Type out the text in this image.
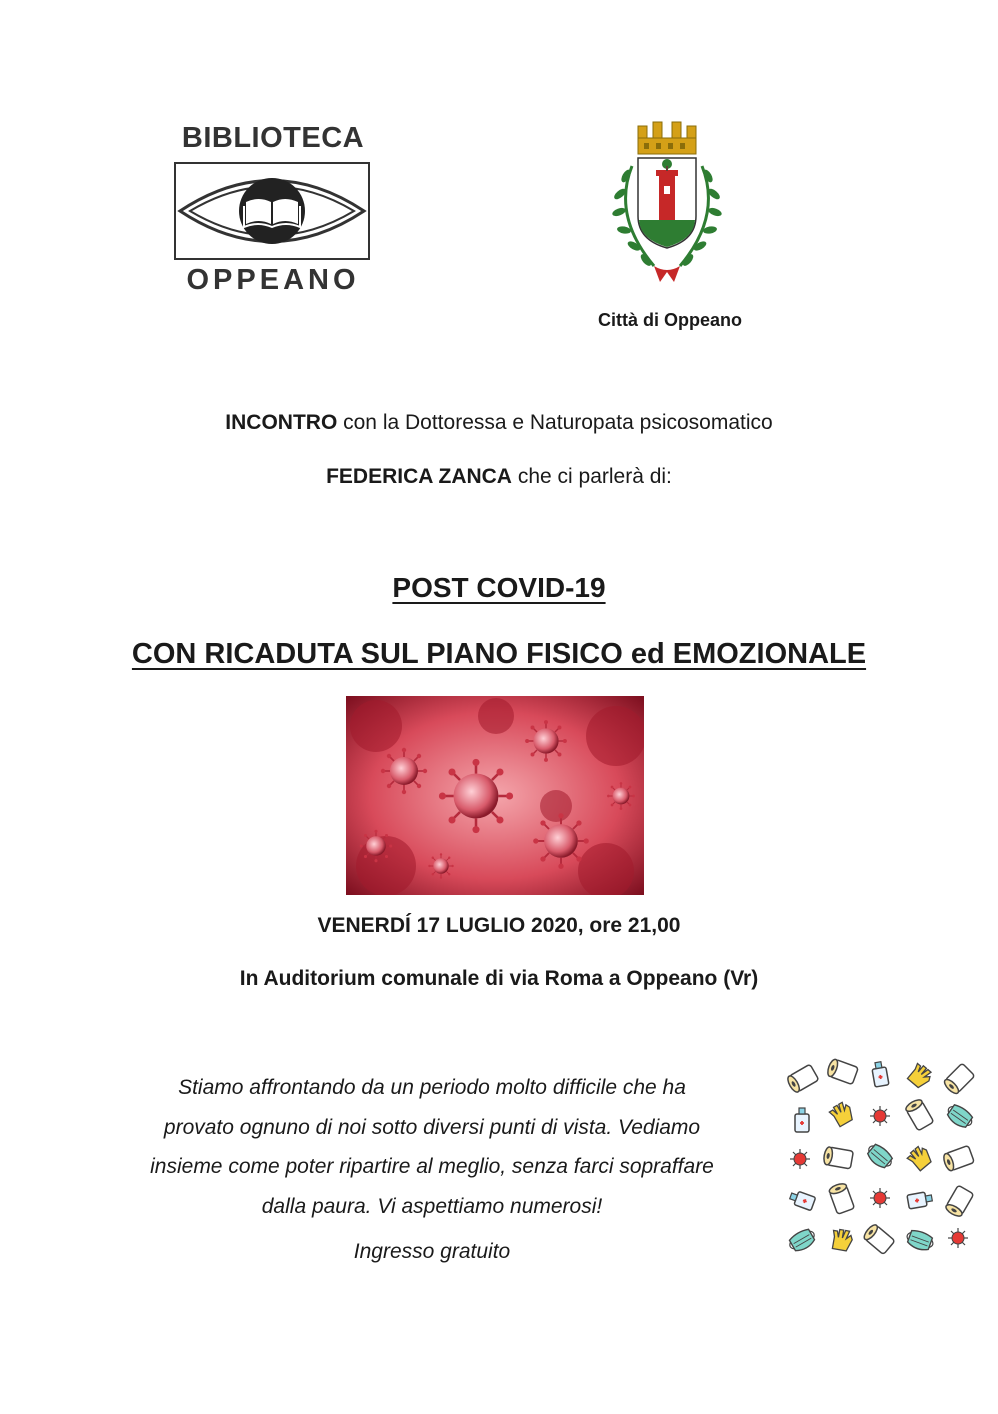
BIBLIOTECA
OPPEANO
Città di Oppeano
INCONTRO con la Dottoressa e Naturopata psicosomatico
FEDERICA ZANCA che ci parlerà di:
POST COVID-19
CON RICADUTA SUL PIANO FISICO ed EMOZIONALE
VENERDÍ 17 LUGLIO 2020, ore 21,00
In Auditorium comunale di via Roma a Oppeano (Vr)
Stiamo affrontando da un periodo molto difficile che ha
provato ognuno di noi sotto diversi punti di vista. Vediamo
insieme come poter ripartire al meglio, senza farci sopraffare
dalla paura. Vi aspettiamo numerosi!
Ingresso gratuito
